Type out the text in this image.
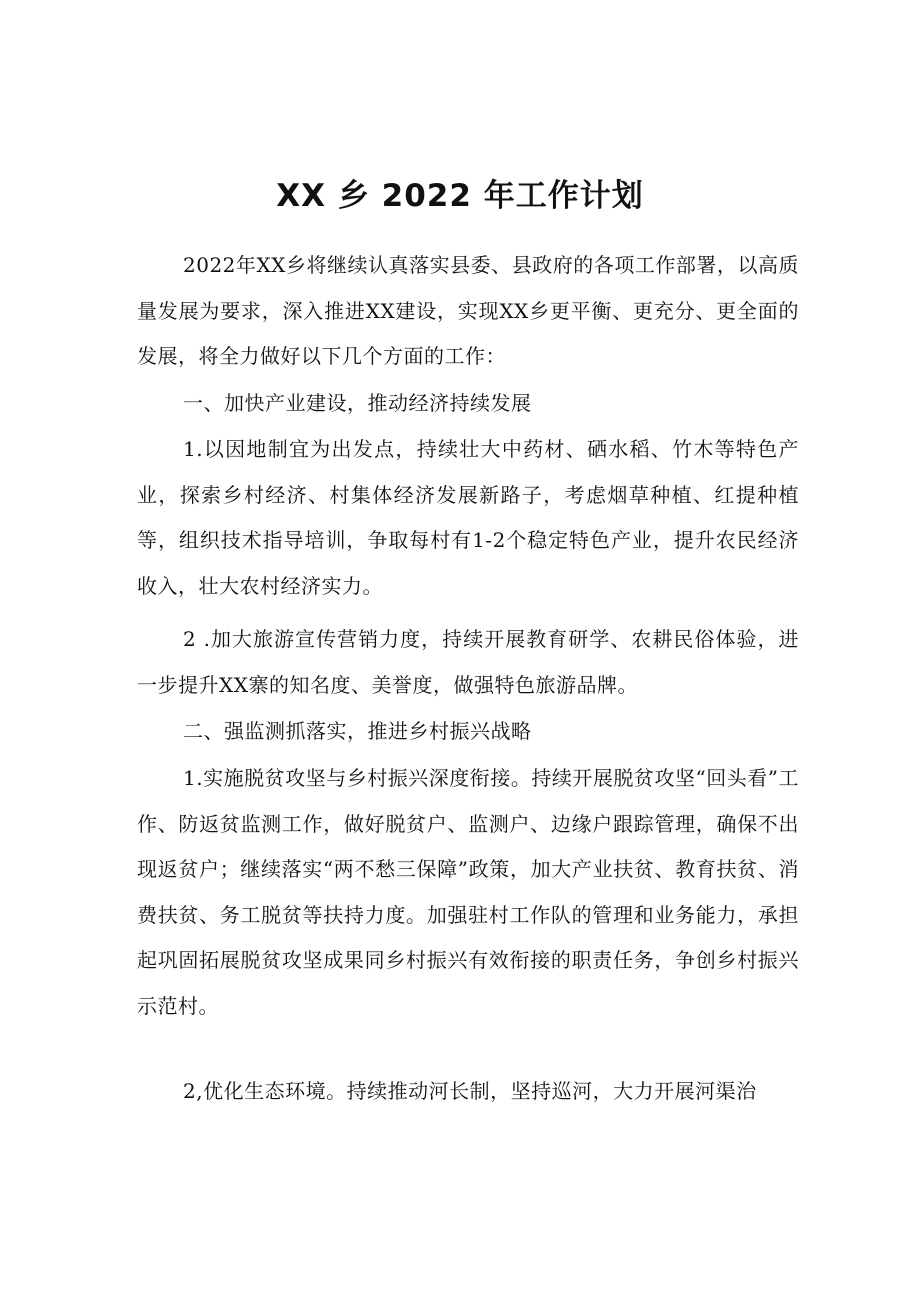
XX 乡 2022 年工作计划

2022年XX乡将继续认真落实县委、县政府的各项工作部署，以高质量发展为要求，深入推进XX建设，实现XX乡更平衡、更充分、更全面的发展，将全力做好以下几个方面的工作：

一、加快产业建设，推动经济持续发展

1.以因地制宜为出发点，持续壮大中药材、硒水稻、竹木等特色产业，探索乡村经济、村集体经济发展新路子，考虑烟草种植、红提种植等，组织技术指导培训，争取每村有1-2个稳定特色产业，提升农民经济收入，壮大农村经济实力。

2 .加大旅游宣传营销力度，持续开展教育研学、农耕民俗体验，进一步提升XX寨的知名度、美誉度，做强特色旅游品牌。

二、强监测抓落实，推进乡村振兴战略

1.实施脱贫攻坚与乡村振兴深度衔接。持续开展脱贫攻坚“回头看”工作、防返贫监测工作，做好脱贫户、监测户、边缘户跟踪管理，确保不出现返贫户；继续落实“两不愁三保障”政策，加大产业扶贫、教育扶贫、消费扶贫、务工脱贫等扶持力度。加强驻村工作队的管理和业务能力，承担起巩固拓展脱贫攻坚成果同乡村振兴有效衔接的职责任务，争创乡村振兴示范村。

2,优化生态环境。持续推动河长制，坚持巡河，大力开展河渠治
